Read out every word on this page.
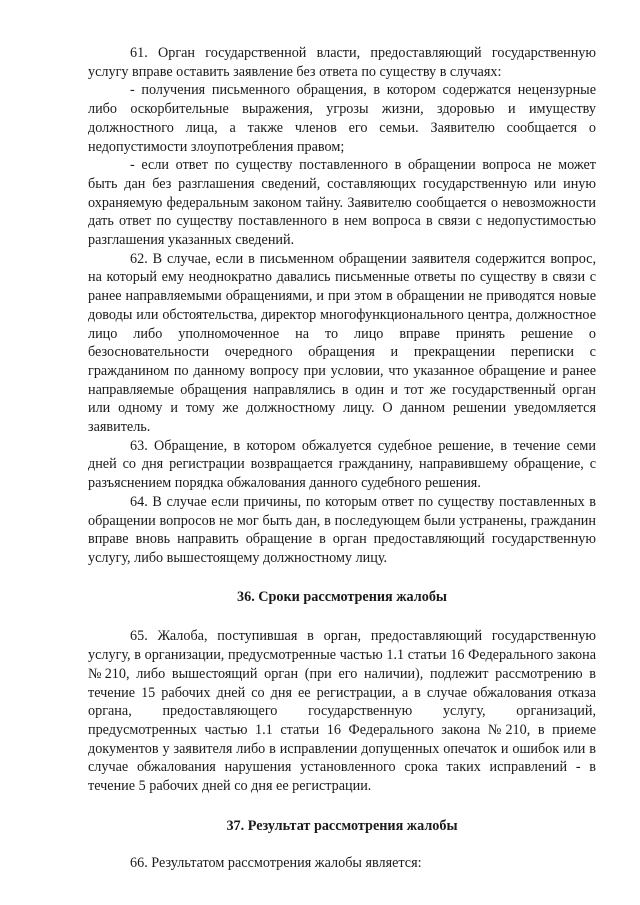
61. Орган государственной власти, предоставляющий государственную услугу вправе оставить заявление без ответа по существу в случаях:

- получения письменного обращения, в котором содержатся нецензурные либо оскорбительные выражения, угрозы жизни, здоровью и имуществу должностного лица, а также членов его семьи. Заявителю сообщается о недопустимости злоупотребления правом;

- если ответ по существу поставленного в обращении вопроса не может быть дан без разглашения сведений, составляющих государственную или иную охраняемую федеральным законом тайну. Заявителю сообщается о невозможности дать ответ по существу поставленного в нем вопроса в связи с недопустимостью разглашения указанных сведений.

62. В случае, если в письменном обращении заявителя содержится вопрос, на который ему неоднократно давались письменные ответы по существу в связи с ранее направляемыми обращениями, и при этом в обращении не приводятся новые доводы или обстоятельства, директор многофункционального центра, должностное лицо либо уполномоченное на то лицо вправе принять решение о безосновательности очередного обращения и прекращении переписки с гражданином по данному вопросу при условии, что указанное обращение и ранее направляемые обращения направлялись в один и тот же государственный орган или одному и тому же должностному лицу. О данном решении уведомляется заявитель.

63. Обращение, в котором обжалуется судебное решение, в течение семи дней со дня регистрации возвращается гражданину, направившему обращение, с разъяснением порядка обжалования данного судебного решения.

64. В случае если причины, по которым ответ по существу поставленных в обращении вопросов не мог быть дан, в последующем были устранены, гражданин вправе вновь направить обращение в орган предоставляющий государственную услугу, либо вышестоящему должностному лицу.

36. Сроки рассмотрения жалобы

65. Жалоба, поступившая в орган, предоставляющий государственную услугу, в организации, предусмотренные частью 1.1 статьи 16 Федерального закона №210, либо вышестоящий орган (при его наличии), подлежит рассмотрению в течение 15 рабочих дней со дня ее регистрации, а в случае обжалования отказа органа, предоставляющего государственную услугу, организаций, предусмотренных частью 1.1 статьи 16 Федерального закона №210, в приеме документов у заявителя либо в исправлении допущенных опечаток и ошибок или в случае обжалования нарушения установленного срока таких исправлений - в течение 5 рабочих дней со дня ее регистрации.

37. Результат рассмотрения жалобы

66. Результатом рассмотрения жалобы является:
